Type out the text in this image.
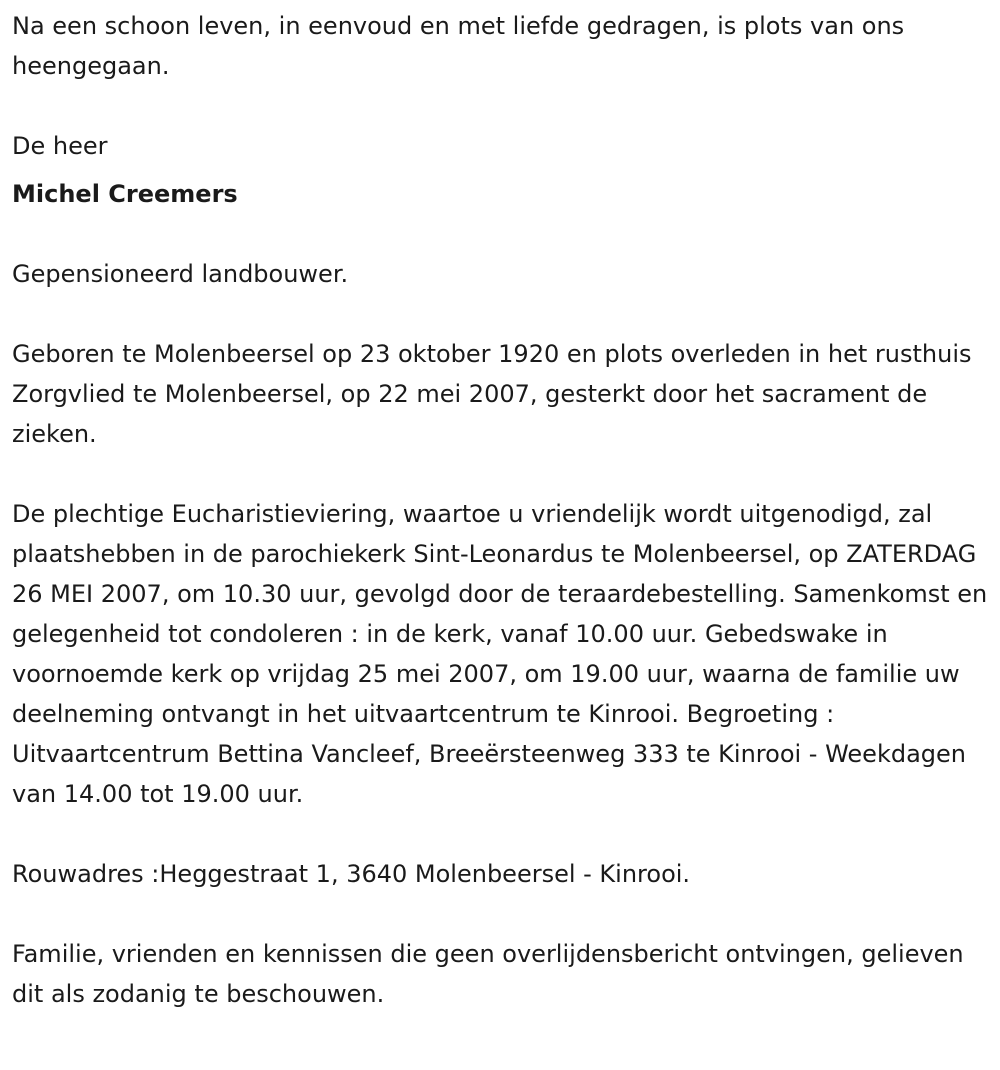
Na een schoon leven, in eenvoud en met liefde gedragen, is plots van ons heengegaan.

De heer

Michel Creemers

Gepensioneerd landbouwer.

Geboren te Molenbeersel op 23 oktober 1920 en plots overleden in het rusthuis Zorgvlied te Molenbeersel, op 22 mei 2007, gesterkt door het sacrament de zieken.

De plechtige Eucharistieviering, waartoe u vriendelijk wordt uitgenodigd, zal plaatshebben in de parochiekerk Sint-Leonardus te Molenbeersel, op ZATERDAG 26 MEI 2007, om 10.30 uur, gevolgd door de teraardebestelling. Samenkomst en gelegenheid tot condoleren : in de kerk, vanaf 10.00 uur. Gebedswake in voornoemde kerk op vrijdag 25 mei 2007, om 19.00 uur, waarna de familie uw deelneming ontvangt in het uitvaartcentrum te Kinrooi. Begroeting : Uitvaartcentrum Bettina Vancleef, Breeërsteenweg 333 te Kinrooi - Weekdagen van 14.00 tot 19.00 uur.

Rouwadres :Heggestraat 1, 3640 Molenbeersel - Kinrooi.

Familie, vrienden en kennissen die geen overlijdensbericht ontvingen, gelieven dit als zodanig te beschouwen.
